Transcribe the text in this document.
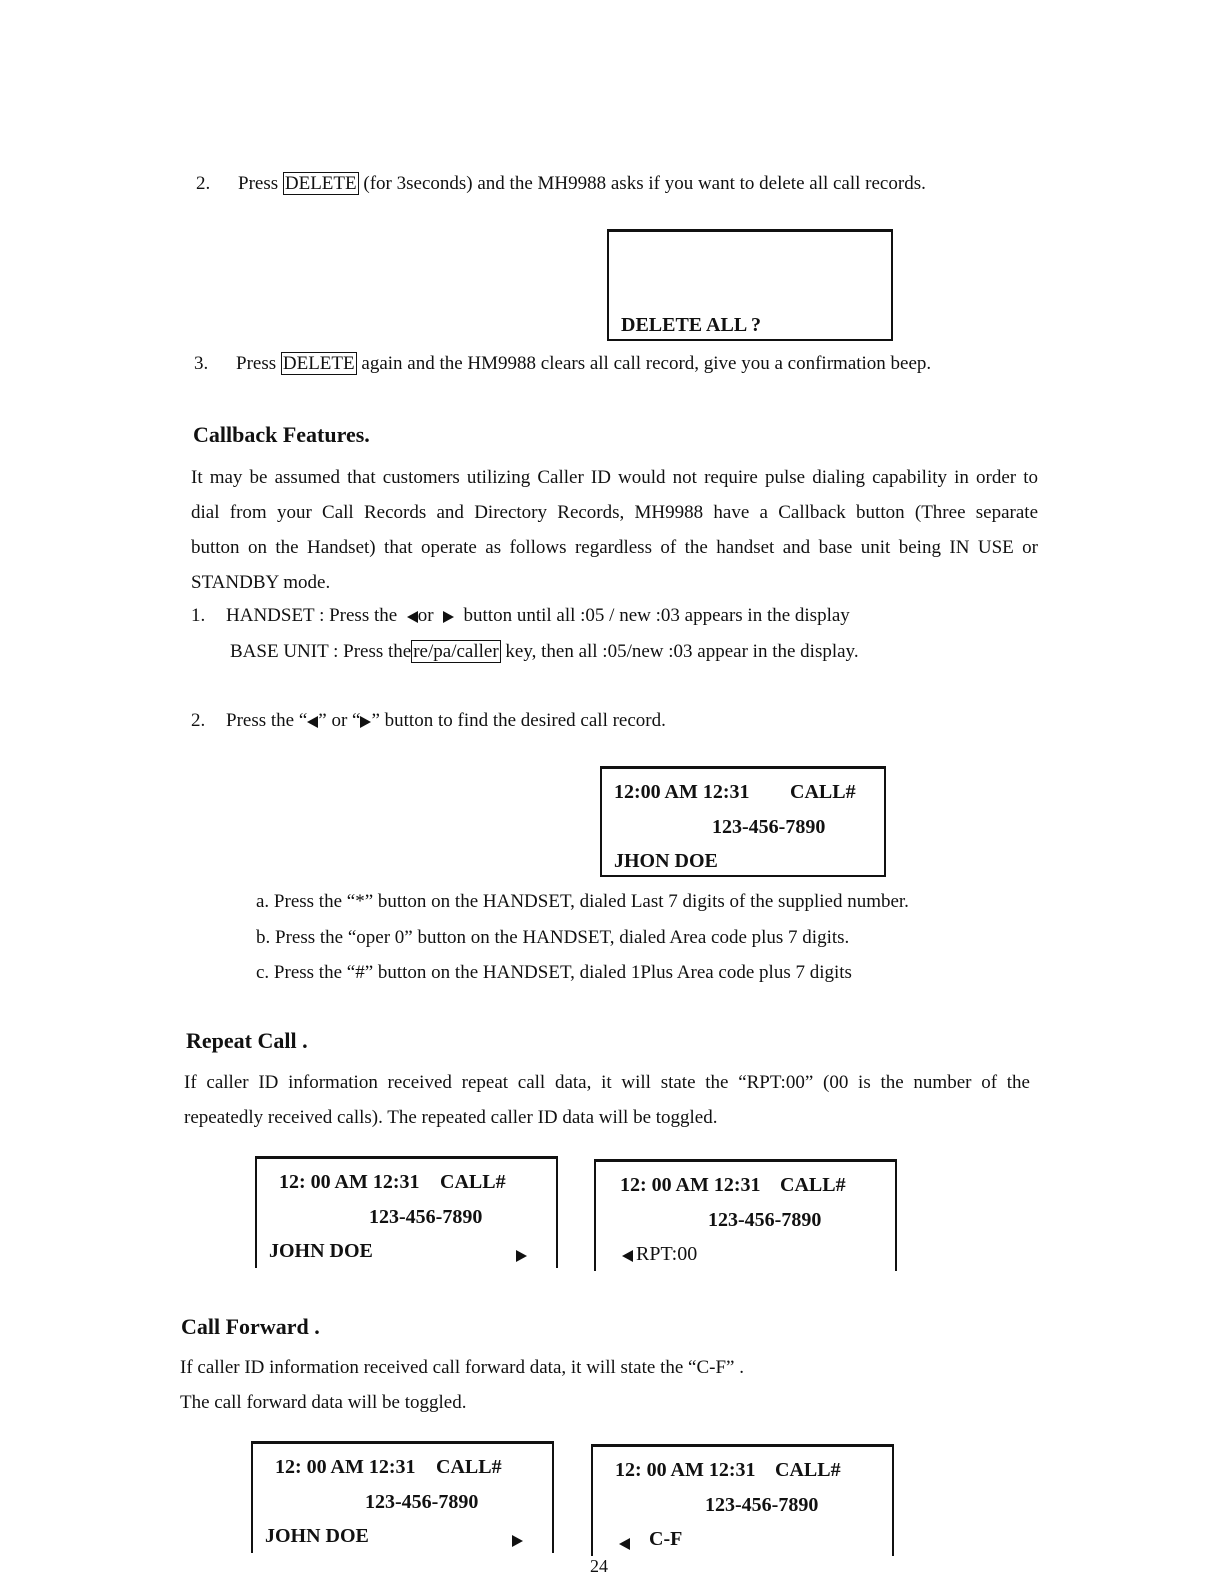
2. Press DELETE (for 3seconds) and the MH9988 asks if you want to delete all call records.
DELETE ALL ?
3. Press DELETE again and the HM9988 clears all call record, give you a confirmation beep.
Callback Features.
It may be assumed that customers utilizing Caller ID would not require pulse dialing capability in order to
dial from your Call Records and Directory Records, MH9988 have a Callback button (Three separate
button on the Handset) that operate as follows regardless of the handset and base unit being IN USE or
STANDBY mode.
1. HANDSET : Press the or button until all :05 / new :03 appears in the display
BASE UNIT : Press the re/pa/caller key, then all :05/new :03 appear in the display.
2. Press the “ ” or “ ” button to find the desired call record.
12:00 AM 12:31 CALL#
123-456-7890
JHON DOE
a. Press the “*” button on the HANDSET, dialed Last 7 digits of the supplied number.
b. Press the “oper 0” button on the HANDSET, dialed Area code plus 7 digits.
c. Press the “#” button on the HANDSET, dialed 1Plus Area code plus 7 digits
Repeat Call .
If caller ID information received repeat call data, it will state the “RPT:00” (00 is the number of the
repeatedly received calls). The repeated caller ID data will be toggled.
12: 00 AM 12:31 CALL#
123-456-7890
JOHN DOE
12: 00 AM 12:31 CALL#
123-456-7890
RPT:00
Call Forward .
If caller ID information received call forward data, it will state the “C-F” .
The call forward data will be toggled.
12: 00 AM 12:31 CALL#
123-456-7890
JOHN DOE
12: 00 AM 12:31 CALL#
123-456-7890
C-F
24
